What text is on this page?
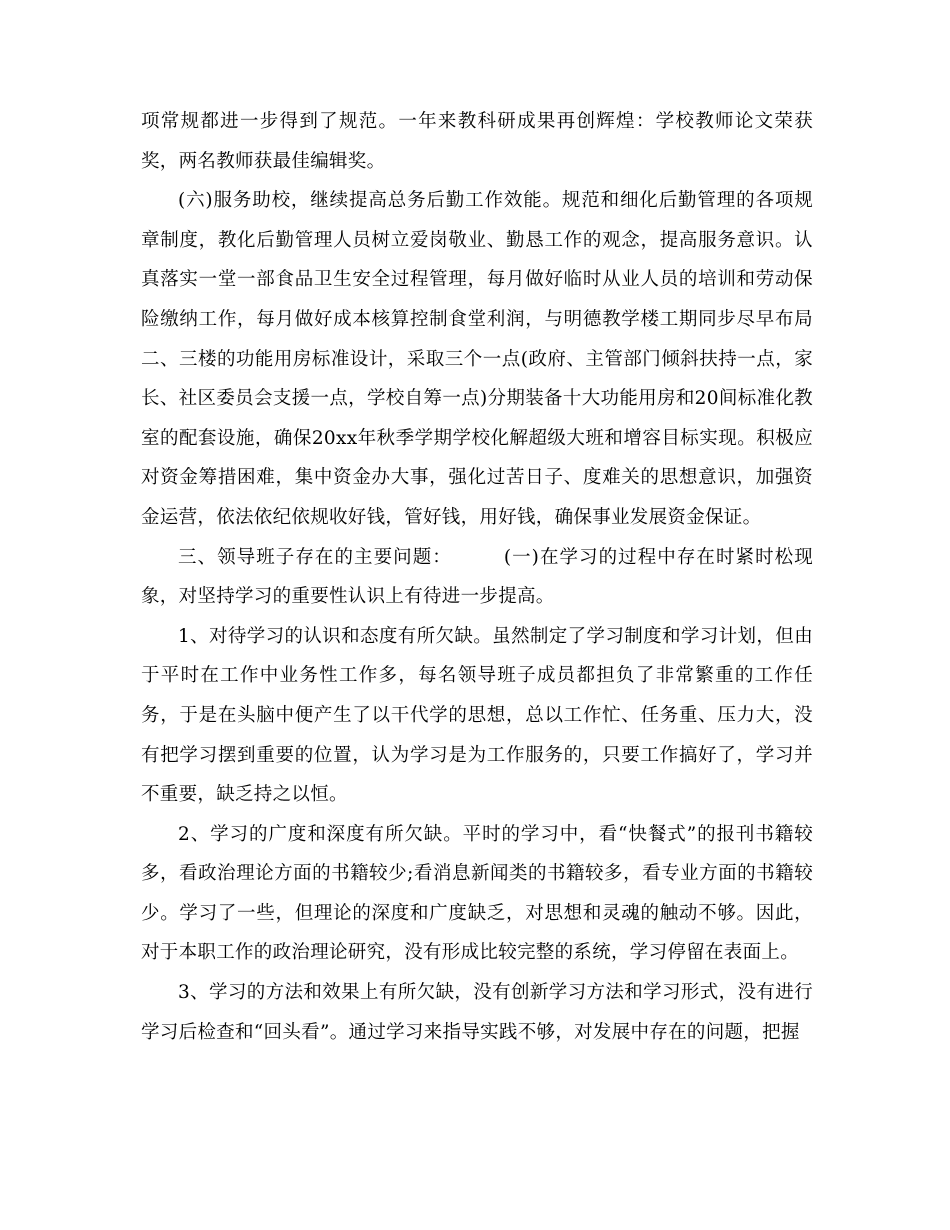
项常规都进一步得到了规范。一年来教科研成果再创辉煌：学校教师论文荣获奖，两名教师获最佳编辑奖。

(六)服务助校，继续提高总务后勤工作效能。规范和细化后勤管理的各项规章制度，教化后勤管理人员树立爱岗敬业、勤恳工作的观念，提高服务意识。认真落实一堂一部食品卫生安全过程管理，每月做好临时从业人员的培训和劳动保险缴纳工作，每月做好成本核算控制食堂利润，与明德教学楼工期同步尽早布局二、三楼的功能用房标准设计，采取三个一点(政府、主管部门倾斜扶持一点，家长、社区委员会支援一点，学校自筹一点)分期装备十大功能用房和20间标准化教室的配套设施，确保20xx年秋季学期学校化解超级大班和增容目标实现。积极应对资金筹措困难，集中资金办大事，强化过苦日子、度难关的思想意识，加强资金运营，依法依纪依规收好钱，管好钱，用好钱，确保事业发展资金保证。

三、领导班子存在的主要问题：	(一)在学习的过程中存在时紧时松现象，对坚持学习的重要性认识上有待进一步提高。

1、对待学习的认识和态度有所欠缺。虽然制定了学习制度和学习计划，但由于平时在工作中业务性工作多，每名领导班子成员都担负了非常繁重的工作任务，于是在头脑中便产生了以干代学的思想，总以工作忙、任务重、压力大，没有把学习摆到重要的位置，认为学习是为工作服务的，只要工作搞好了，学习并不重要，缺乏持之以恒。

2、学习的广度和深度有所欠缺。平时的学习中，看“快餐式”的报刊书籍较多，看政治理论方面的书籍较少;看消息新闻类的书籍较多，看专业方面的书籍较少。学习了一些，但理论的深度和广度缺乏，对思想和灵魂的触动不够。因此，对于本职工作的政治理论研究，没有形成比较完整的系统，学习停留在表面上。

3、学习的方法和效果上有所欠缺，没有创新学习方法和学习形式，没有进行学习后检查和“回头看”。通过学习来指导实践不够，对发展中存在的问题，把握
